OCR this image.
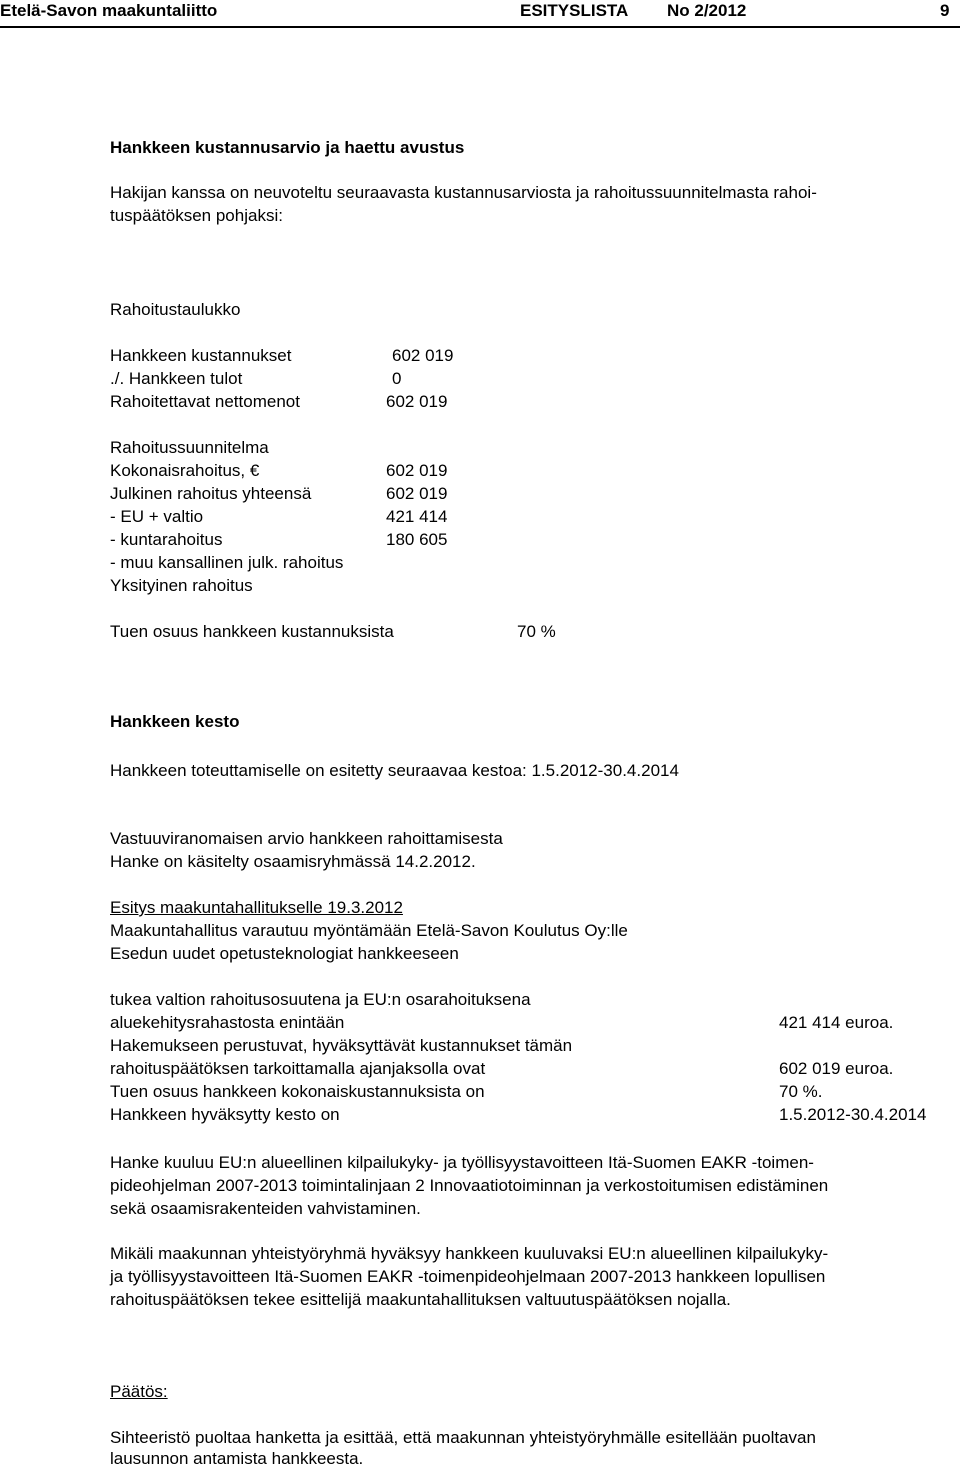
Etelä-Savon maakuntaliitto	ESITYSLISTA No 2/2012	9
Hankkeen kustannusarvio ja haettu avustus
Hakijan kanssa on neuvoteltu seuraavasta kustannusarviosta ja rahoitussuunnitelmasta rahoi-
tuspäätöksen pohjaksi:
Rahoitustaulukko
Hankkeen kustannukset	602 019
./. Hankkeen tulot	0
Rahoitettavat nettomenot	602 019
Rahoitussuunnitelma
Kokonaisrahoitus, €	602 019
Julkinen rahoitus yhteensä	602 019
- EU + valtio	421 414
- kuntarahoitus	180 605
- muu kansallinen julk. rahoitus
Yksityinen rahoitus
Tuen osuus hankkeen kustannuksista	70 %
Hankkeen kesto
Hankkeen toteuttamiselle on esitetty seuraavaa kestoa: 1.5.2012-30.4.2014
Vastuuviranomaisen arvio hankkeen rahoittamisesta
Hanke on käsitelty osaamisryhmässä 14.2.2012.
Esitys maakuntahallitukselle 19.3.2012
Maakuntahallitus varautuu myöntämään Etelä-Savon Koulutus Oy:lle
Esedun uudet opetusteknologiat hankkeeseen
tukea valtion rahoitusosuutena ja EU:n osarahoituksena
aluekehitysrahastosta enintään	421 414 euroa.
Hakemukseen perustuvat, hyväksyttävät kustannukset tämän
rahoituspäätöksen tarkoittamalla ajanjaksolla ovat	602 019 euroa.
Tuen osuus hankkeen kokonaiskustannuksista on	70 %.
Hankkeen hyväksytty kesto on	1.5.2012-30.4.2014
Hanke kuuluu EU:n alueellinen kilpailukyky- ja työllisyystavoitteen Itä-Suomen EAKR -toimen-
pideohjelman 2007-2013 toimintalinjaan 2 Innovaatiotoiminnan ja verkostoitumisen edistäminen
sekä osaamisrakenteiden vahvistaminen.
Mikäli maakunnan yhteistyöryhmä hyväksyy hankkeen kuuluvaksi EU:n alueellinen kilpailukyky-
ja työllisyystavoitteen Itä-Suomen EAKR -toimenpideohjelmaan 2007-2013 hankkeen lopullisen
rahoituspäätöksen tekee esittelijä maakuntahallituksen valtuutuspäätöksen nojalla.
Päätös:
Sihteeristö puoltaa hanketta ja esittää, että maakunnan yhteistyöryhmälle esitellään puoltavan
lausunnon antamista hankkeesta.
